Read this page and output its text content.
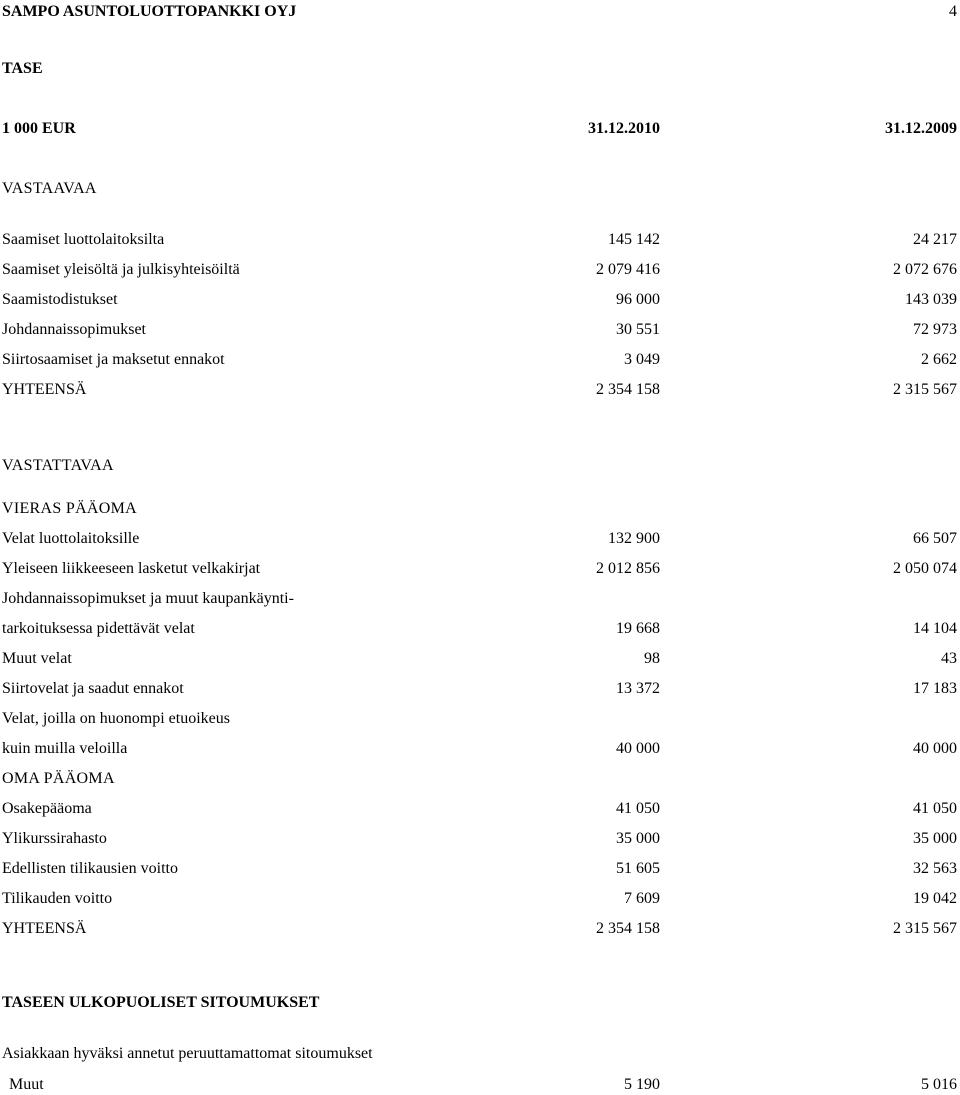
SAMPO ASUNTOLUOTTOPANKKI OYJ	4
TASE
1 000 EUR	31.12.2010	31.12.2009
VASTAAVAA
Saamiset luottolaitoksilta	145 142	24 217
Saamiset yleisöltä ja julkisyhteisöiltä	2 079 416	2 072 676
Saamistodistukset	96 000	143 039
Johdannaissopimukset	30 551	72 973
Siirtosaamiset ja maksetut ennakot	3 049	2 662
YHTEENSÄ	2 354 158	2 315 567
VASTATTAVAA
VIERAS PÄÄOMA
Velat luottolaitoksille	132 900	66 507
Yleiseen liikkeeseen lasketut velkakirjat	2 012 856	2 050 074
Johdannaissopimukset ja muut kaupankäynti-
tarkoituksessa pidettävät velat	19 668	14 104
Muut velat	98	43
Siirtovelat ja saadut ennakot	13 372	17 183
Velat, joilla on huonompi etuoikeus
kuin muilla veloilla	40 000	40 000
OMA PÄÄOMA
Osakepääoma	41 050	41 050
Ylikurssirahasto	35 000	35 000
Edellisten tilikausien voitto	51 605	32 563
Tilikauden voitto	7 609	19 042
YHTEENSÄ	2 354 158	2 315 567
TASEEN ULKOPUOLISET SITOUMUKSET
Asiakkaan hyväksi annetut peruuttamattomat sitoumukset
Muut	5 190	5 016
